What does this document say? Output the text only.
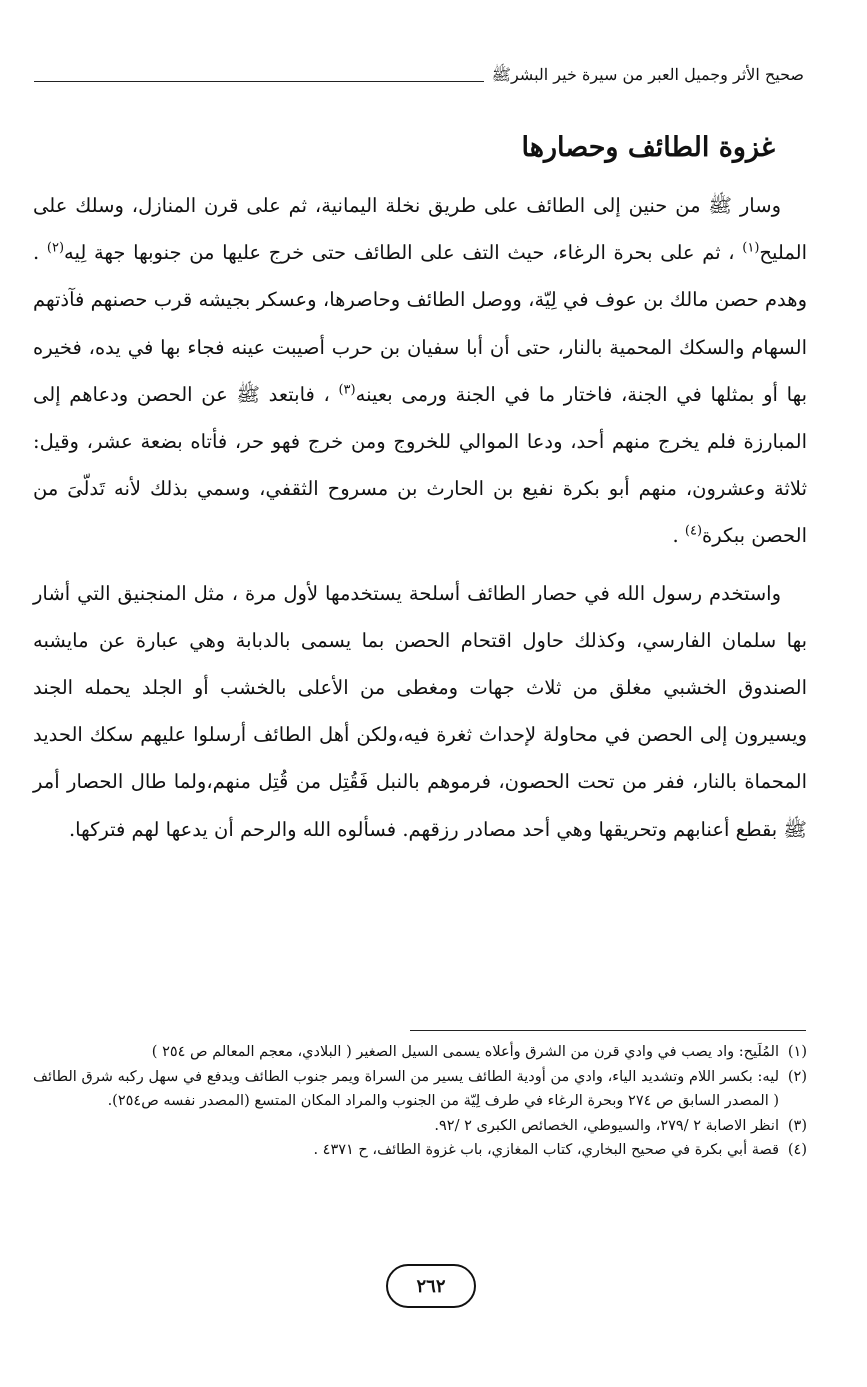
صحيح الأثر وجميل العبر من سيرة خير البشرﷺ
غزوة الطائف وحصارها

وسار ﷺ من حنين إلى الطائف على طريق نخلة اليمانية، ثم على قرن المنازل، وسلك على المليح$^{(١)}$ ، ثم على بحرة الرغاء، حيث التف على الطائف حتى خرج عليها من جنوبها جهة لِيه$^{(٢)}$ . وهدم حصن مالك بن عوف في لِيّة، ووصل الطائف وحاصرها، وعسكر بجيشه قرب حصنهم فآذتهم السهام والسكك المحمية بالنار، حتى أن أبا سفيان بن حرب أصيبت عينه فجاء بها في يده، فخيره بها أو بمثلها في الجنة، فاختار ما في الجنة ورمى بعينه$^{(٣)}$ ، فابتعد ﷺ عن الحصن ودعاهم إلى المبارزة فلم يخرج منهم أحد، ودعا الموالي للخروج ومن خرج فهو حر، فأتاه بضعة عشر، وقيل: ثلاثة وعشرون، منهم أبو بكرة نفيع بن الحارث بن مسروح الثقفي، وسمي بذلك لأنه تَدلّىَ من الحصن ببكرة$^{(٤)}$ .

واستخدم رسول الله في حصار الطائف أسلحة يستخدمها لأول مرة ، مثل المنجنيق التي أشار بها سلمان الفارسي، وكذلك حاول اقتحام الحصن بما يسمى بالدبابة وهي عبارة عن مايشبه الصندوق الخشبي مغلق من ثلاث جهات ومغطى من الأعلى بالخشب أو الجلد يحمله الجند ويسيرون إلى الحصن في محاولة لإحداث ثغرة فيه،ولكن أهل الطائف أرسلوا عليهم سكك الحديد المحماة بالنار، ففر من تحت الحصون، فرموهم بالنبل فَقُتِل من قُتِل منهم،ولما طال الحصار أمر ﷺ بقطع أعنابهم وتحريقها وهي أحد مصادر رزقهم. فسألوه الله والرحم أن يدعها لهم فتركها.

(١)
المُلَيح: واد يصب في وادي قرن من الشرق وأعلاه يسمى السيل الصغير ( البلادي، معجم المعالم ص ٢٥٤ )
(٢)
ليه: بكسر اللام وتشديد الياء، وادي من أودية الطائف يسير من السراة ويمر جنوب الطائف ويدفع في سهل ركبه شرق الطائف ( المصدر السابق ص ٢٧٤ وبحرة الرغاء في طرف لِيّة من الجنوب والمراد المكان المتسع (المصدر نفسه ص٢٥٤).
(٣)
انظر الاصابة ٢ /٢٧٩، والسيوطي، الخصائص الكبرى ٢ /٩٢.
(٤)
قصة أبي بكرة في صحيح البخاري، كتاب المغازي، باب غزوة الطائف، ح ٤٣٧١ .
٢٦٢
